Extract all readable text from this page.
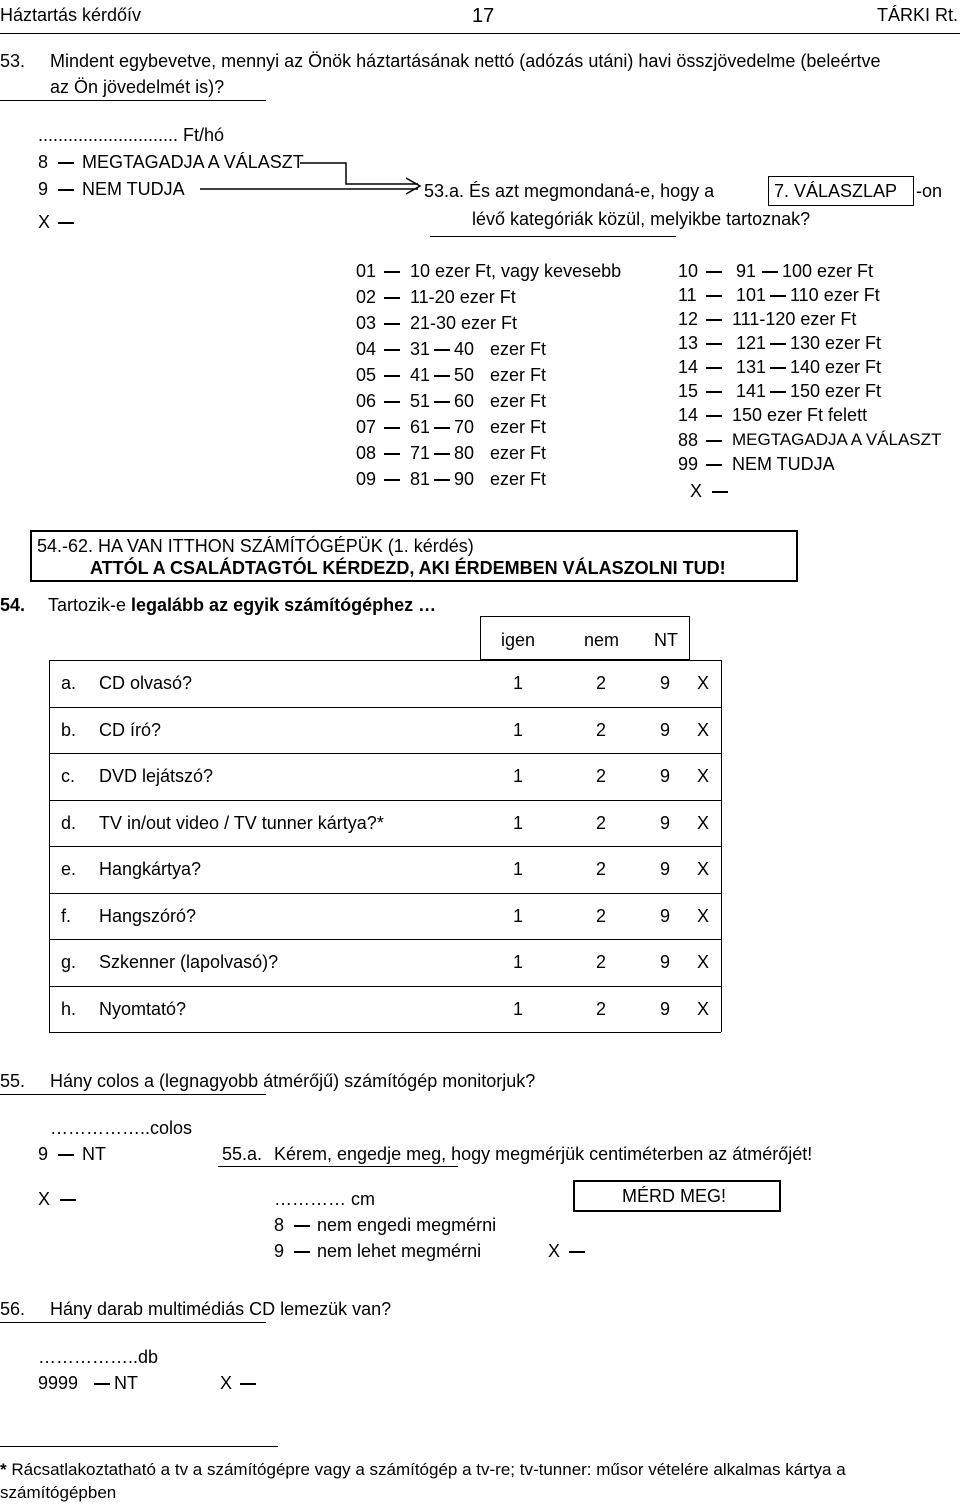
Háztartás kérdőív	17	TÁRKI Rt.
53. Mindent egybevetve, mennyi az Önök háztartásának nettó (adózás utáni) havi összjövedelme (beleértve
az Ön jövedelmét is)?
............................ Ft/hó
8 MEGTAGADJA A VÁLASZT
9 NEM TUDJA
X
53.a. És azt megmondaná-e, hogy a	7. VÁLASZLAP -on
lévő kategóriák közül, melyikbe tartoznak?
01 10 ezer Ft, vagy kevesebb
02 11-20 ezer Ft
03 21-30 ezer Ft
04 31 40 ezer Ft
05 41 50 ezer Ft
06 51 60 ezer Ft
07 61 70 ezer Ft
08 71 80 ezer Ft
09 81 90 ezer Ft
10 91 100 ezer Ft
11 101 110 ezer Ft
12 111-120 ezer Ft
13 121 130 ezer Ft
14 131 140 ezer Ft
15 141 150 ezer Ft
14 150 ezer Ft felett
88 MEGTAGADJA A VÁLASZT
99 NEM TUDJA
X
54.-62. HA VAN ITTHON SZÁMÍTÓGÉPÜK (1. kérdés)
ATTÓL A CSALÁDTAGTÓL KÉRDEZD, AKI ÉRDEMBEN VÁLASZOLNI TUD!
54. Tartozik-e legalább az egyik számítógéphez …
igen	nem NT
a. CD olvasó?	1	2	9 X
b. CD író?	1	2	9 X
c. DVD lejátszó?	1	2	9 X
d. TV in/out video / TV tunner kártya?*	1	2	9 X
e. Hangkártya?	1	2	9 X
f. Hangszóró?	1	2	9 X
g. Szkenner (lapolvasó)?	1	2	9 X
h. Nyomtató?	1	2	9 X
55. Hány colos a (legnagyobb átmérőjű) számítógép monitorjuk?
……………..colos
9 NT
X
55.a. Kérem, engedje meg, hogy megmérjük centiméterben az átmérőjét!
………… cm	MÉRD MEG!
8 nem engedi megmérni
9 nem lehet megmérni	X
56. Hány darab multimédiás CD lemezük van?
……………..db
9999 NT	X
* Rácsatlakoztatható a tv a számítógépre vagy a számítógép a tv-re; tv-tunner: műsor vételére alkalmas kártya a
számítógépben
